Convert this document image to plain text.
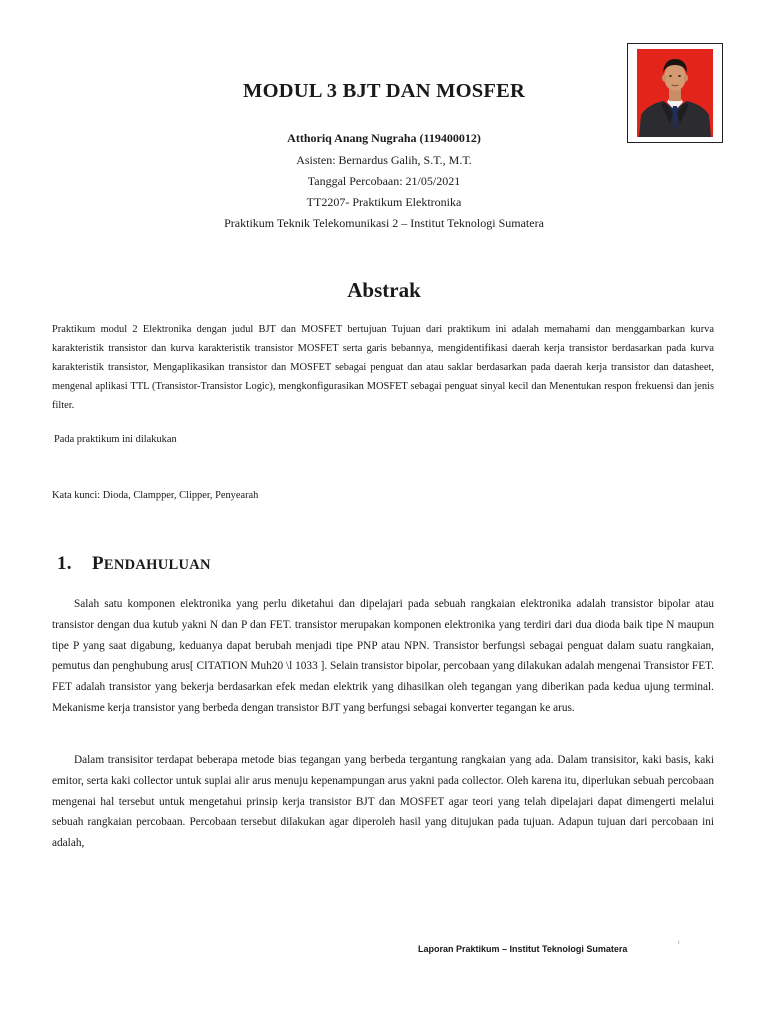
MODUL 3 BJT DAN MOSFER
Atthoriq Anang Nugraha (119400012)
Asisten: Bernardus Galih, S.T., M.T.
Tanggal Percobaan: 21/05/2021
TT2207- Praktikum Elektronika
Praktikum Teknik Telekomunikasi 2 – Institut Teknologi Sumatera
Abstrak
Praktikum modul 2 Elektronika dengan judul BJT dan MOSFET bertujuan Tujuan dari praktikum ini adalah memahami dan menggambarkan kurva karakteristik transistor dan kurva karakteristik transistor MOSFET serta garis bebannya, mengidentifikasi daerah kerja transistor berdasarkan pada kurva karakteristik transistor, Mengaplikasikan transistor dan MOSFET sebagai penguat dan atau saklar berdasarkan pada daerah kerja transistor dan datasheet, mengenal aplikasi TTL (Transistor-Transistor Logic), mengkonfigurasikan MOSFET sebagai penguat sinyal kecil dan Menentukan respon frekuensi dan jenis filter.
Pada praktikum ini dilakukan
Kata kunci: Dioda, Clampper, Clipper, Penyearah
1. PENDAHULUAN
Salah satu komponen elektronika yang perlu diketahui dan dipelajari pada sebuah rangkaian elektronika adalah transistor bipolar atau transistor dengan dua kutub yakni N dan P dan FET. transistor merupakan komponen elektronika yang terdiri dari dua dioda baik tipe N maupun tipe P yang saat digabung, keduanya dapat berubah menjadi tipe PNP atau NPN. Transistor berfungsi sebagai penguat dalam suatu rangkaian, pemutus dan penghubung arus[ CITATION Muh20 \l 1033 ]. Selain transistor bipolar, percobaan yang dilakukan adalah mengenai Transistor FET. FET adalah transistor yang bekerja berdasarkan efek medan elektrik yang dihasilkan oleh tegangan yang diberikan pada kedua ujung terminal. Mekanisme kerja transistor yang berbeda dengan transistor BJT yang berfungsi sebagai konverter tegangan ke arus.
Dalam transisitor terdapat beberapa metode bias tegangan yang berbeda tergantung rangkaian yang ada. Dalam transisitor, kaki basis, kaki emitor, serta kaki collector untuk suplai alir arus menuju kepenampungan arus yakni pada collector. Oleh karena itu, diperlukan sebuah percobaan mengenai hal tersebut untuk mengetahui prinsip kerja transistor BJT dan MOSFET agar teori yang telah dipelajari dapat dimengerti melalui sebuah rangkaian percobaan. Percobaan tersebut dilakukan agar diperoleh hasil yang ditujukan pada tujuan. Adapun tujuan dari percobaan ini adalah,
Laporan Praktikum – Institut Teknologi Sumatera
ı
